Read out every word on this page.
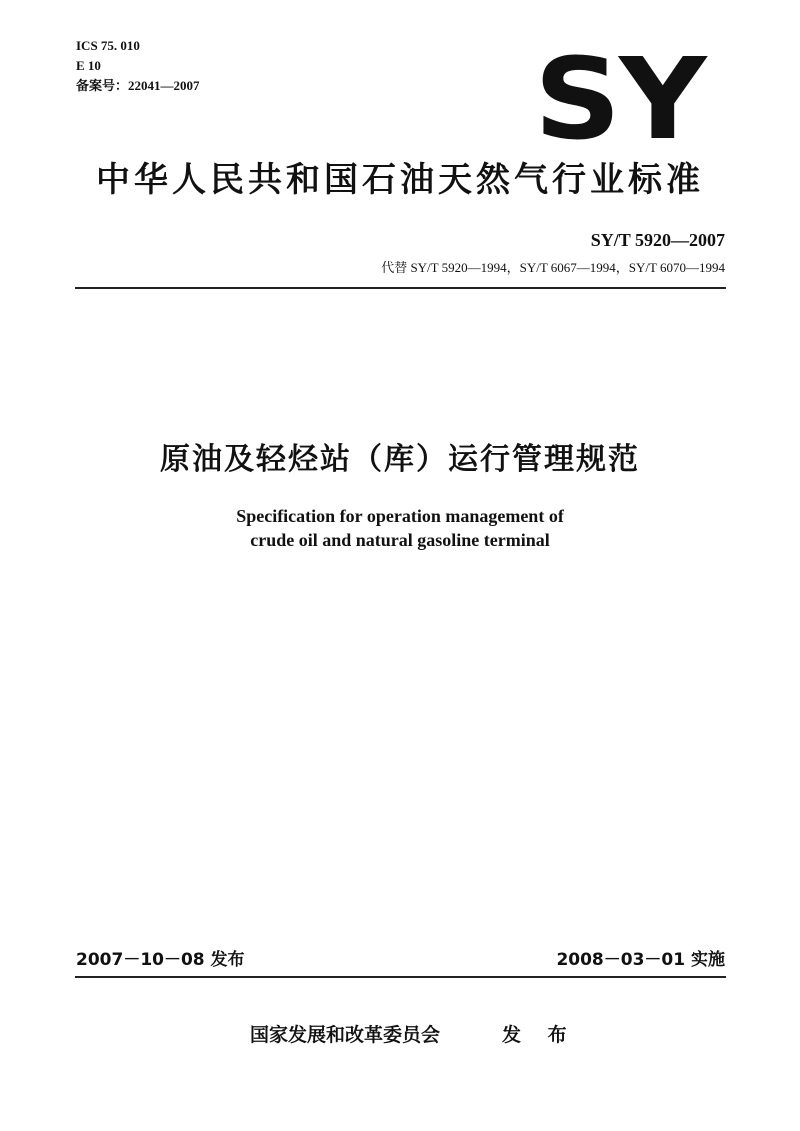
ICS 75. 010
E 10
备案号：22041—2007	SY
中华人民共和国石油天然气行业标准
SY/T 5920—2007
代替 SY/T 5920—1994，SY/T 6067—1994，SY/T 6070—1994
原油及轻烃站（库）运行管理规范
Specification for operation management of
crude oil and natural gasoline terminal
2007－10－08 发布	2008－03－01 实施
国家发展和改革委员会	发 布
